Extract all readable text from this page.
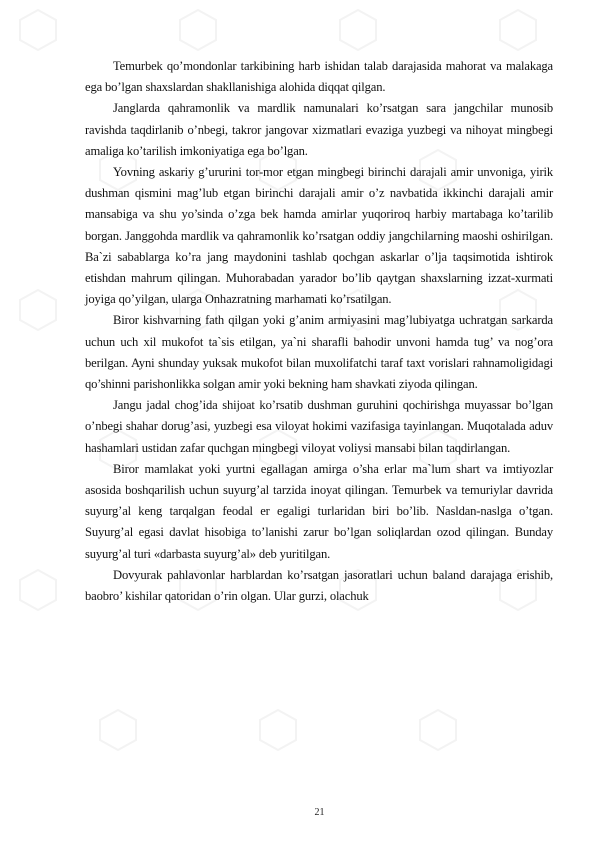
Temurbek qo’mondonlar tarkibining harb ishidan talab darajasida mahorat va malakaga ega bo’lgan shaxslardan shakllanishiga alohida diqqat qilgan.

Janglarda qahramonlik va mardlik namunalari ko’rsatgan sara jangchilar munosib ravishda taqdirlanib o’nbegi, takror jangovar xizmatlari evaziga yuzbegi va nihoyat mingbegi amaliga ko’tarilish imkoniyatiga ega bo’lgan.

Yovning askariy g’ururini tor-mor etgan mingbegi birinchi darajali amir unvoniga, yirik dushman qismini mag’lub etgan birinchi darajali amir o’z navbatida ikkinchi darajali amir mansabiga va shu yo’sinda o’zga bek hamda amirlar yuqoriroq harbiy martabaga ko’tarilib borgan. Janggohda mardlik va qahramonlik ko’rsatgan oddiy jangchilarning maoshi oshirilgan. Ba`zi sabablarga ko’ra jang maydonini tashlab qochgan askarlar o’lja taqsimotida ishtirok etishdan mahrum qilingan. Muhorabadan yarador bo’lib qaytgan shaxslarning izzat-xurmati joyiga qo’yilgan, ularga Onhazratning marhamati ko’rsatilgan.

Biror kishvarning fath qilgan yoki g’anim armiyasini mag’lubiyatga uchratgan sarkarda uchun uch xil mukofot ta`sis etilgan, ya`ni sharafli bahodir unvoni hamda tug’ va nog’ora berilgan. Ayni shunday yuksak mukofot bilan muxolifatchi taraf taxt vorislari rahnamoligidagi qo’shinni parishonlikka solgan amir yoki bekning ham shavkati ziyoda qilingan.

Jangu jadal chog’ida shijoat ko’rsatib dushman guruhini qochirishga muyassar bo’lgan o’nbegi shahar dorug’asi, yuzbegi esa viloyat hokimi vazifasiga tayinlangan. Muqotalada aduv hashamlari ustidan zafar quchgan mingbegi viloyat voliysi mansabi bilan taqdirlangan.

Biror mamlakat yoki yurtni egallagan amirga o’sha erlar ma`lum shart va imtiyozlar asosida boshqarilish uchun suyurg’al tarzida inoyat qilingan. Temurbek va temuriylar davrida suyurg’al keng tarqalgan feodal er egaligi turlaridan biri bo’lib. Nasldan-naslga o’tgan. Suyurg’al egasi davlat hisobiga to’lanishi zarur bo’lgan soliqlardan ozod qilingan. Bunday suyurg’al turi «darbasta suyurg’al» deb yuritilgan.

Dovyurak pahlavonlar harblardan ko’rsatgan jasoratlari uchun baland darajaga erishib, baobro’ kishilar qatoridan o’rin olgan. Ular gurzi, olachuk

21
